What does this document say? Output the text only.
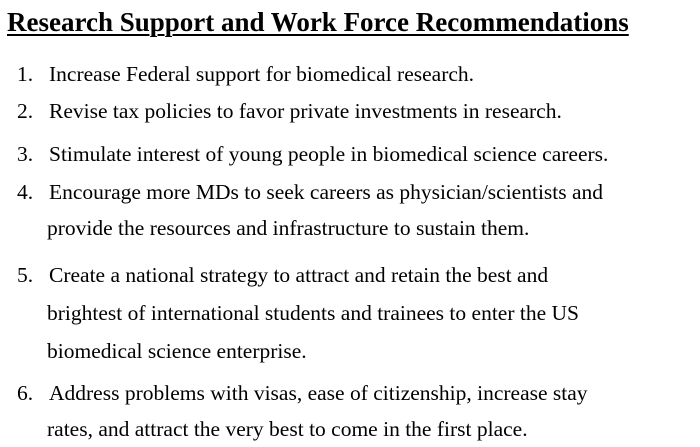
Research Support and Work Force Recommendations
1. Increase Federal support for biomedical research.
2. Revise tax policies to favor private investments in research.
3. Stimulate interest of young people in biomedical science careers.
4. Encourage more MDs to seek careers as physician/scientists and
provide the resources and infrastructure to sustain them.
5. Create a national strategy to attract and retain the best and
brightest of international students and trainees to enter the US
biomedical science enterprise.
6. Address problems with visas, ease of citizenship, increase stay
rates, and attract the very best to come in the first place.
